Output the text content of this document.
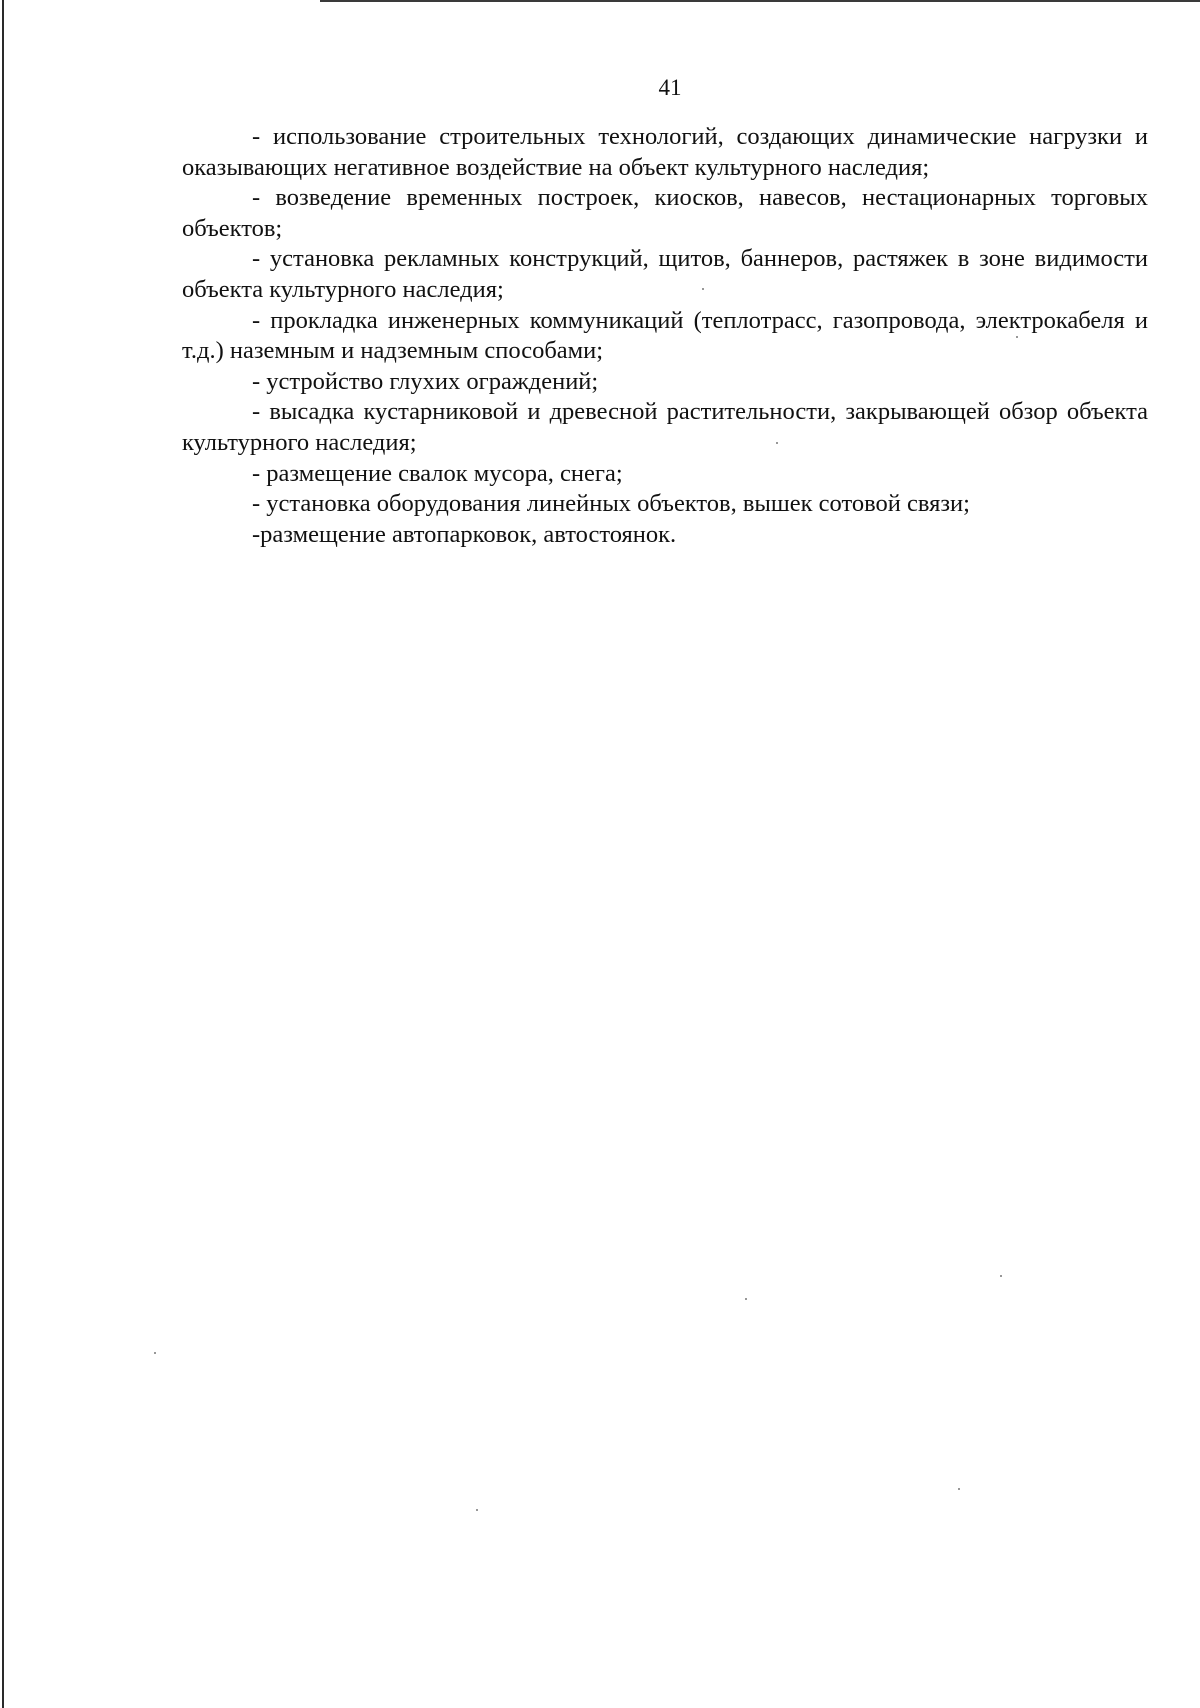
41

- использование строительных технологий, создающих динамические нагрузки и оказывающих негативное воздействие на объект культурного наследия;

- возведение временных построек, киосков, навесов, нестационарных торговых объектов;

- установка рекламных конструкций, щитов, баннеров, растяжек в зоне видимости объекта культурного наследия;

- прокладка инженерных коммуникаций (теплотрасс, газопровода, электрокабеля и т.д.) наземным и надземным способами;

- устройство глухих ограждений;

- высадка кустарниковой и древесной растительности, закрывающей обзор объекта культурного наследия;

- размещение свалок мусора, снега;

- установка оборудования линейных объектов, вышек сотовой связи;

-размещение автопарковок, автостоянок.
